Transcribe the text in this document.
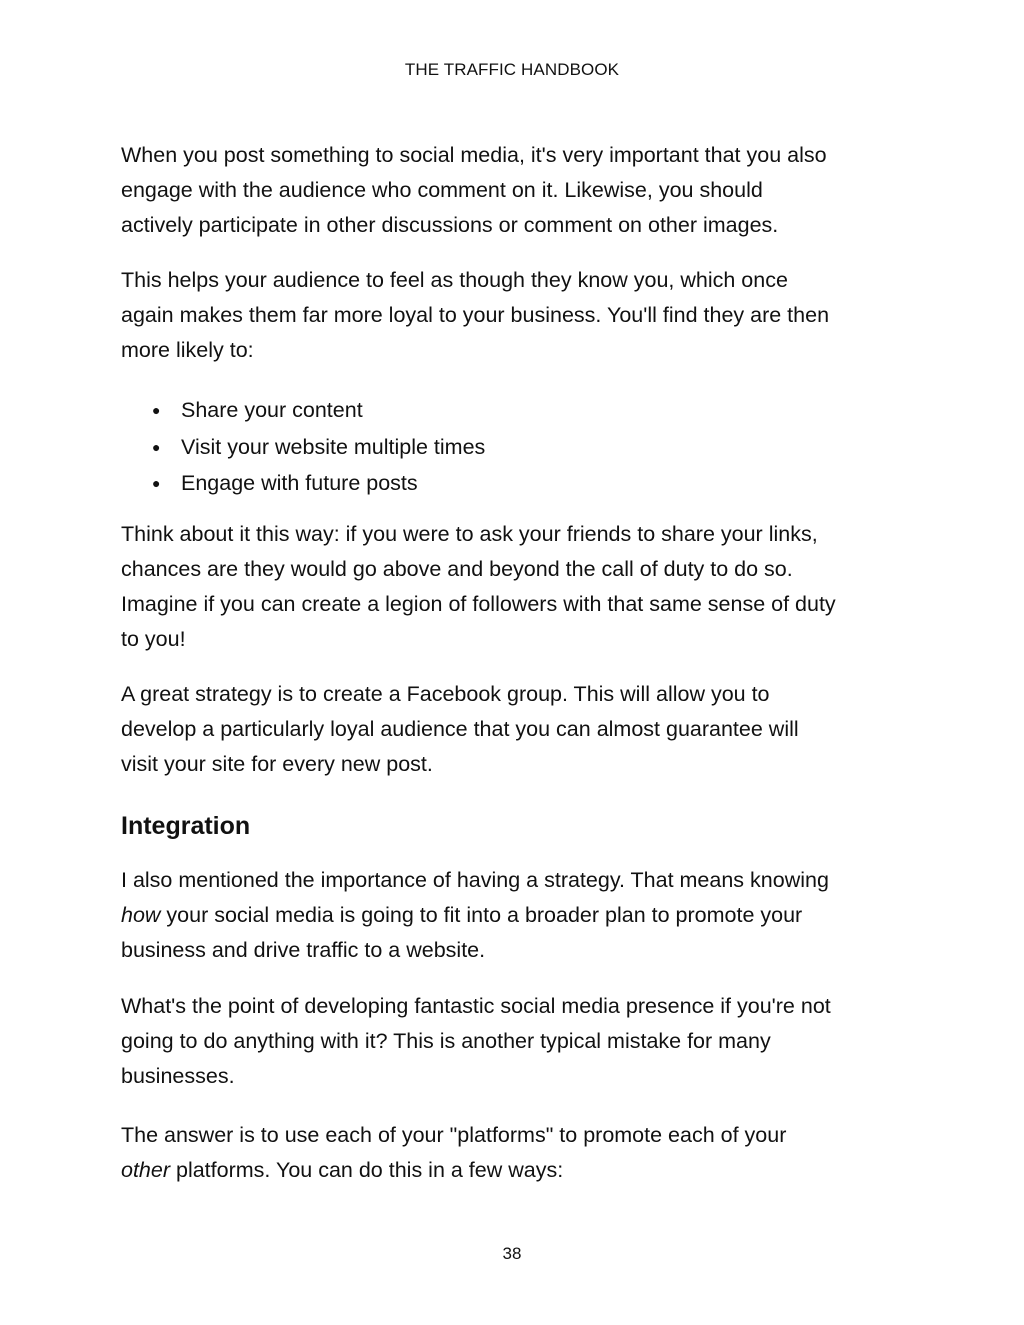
THE TRAFFIC HANDBOOK

When you post something to social media, it's very important that you also
engage with the audience who comment on it. Likewise, you should
actively participate in other discussions or comment on other images.

This helps your audience to feel as though they know you, which once
again makes them far more loyal to your business. You'll find they are then
more likely to:

● Share your content
● Visit your website multiple times
● Engage with future posts

Think about it this way: if you were to ask your friends to share your links,
chances are they would go above and beyond the call of duty to do so.
Imagine if you can create a legion of followers with that same sense of duty
to you!

A great strategy is to create a Facebook group. This will allow you to
develop a particularly loyal audience that you can almost guarantee will
visit your site for every new post.

Integration

I also mentioned the importance of having a strategy. That means knowing
how your social media is going to fit into a broader plan to promote your
business and drive traffic to a website.

What's the point of developing fantastic social media presence if you're not
going to do anything with it? This is another typical mistake for many
businesses.

The answer is to use each of your "platforms" to promote each of your
other platforms. You can do this in a few ways:

38
